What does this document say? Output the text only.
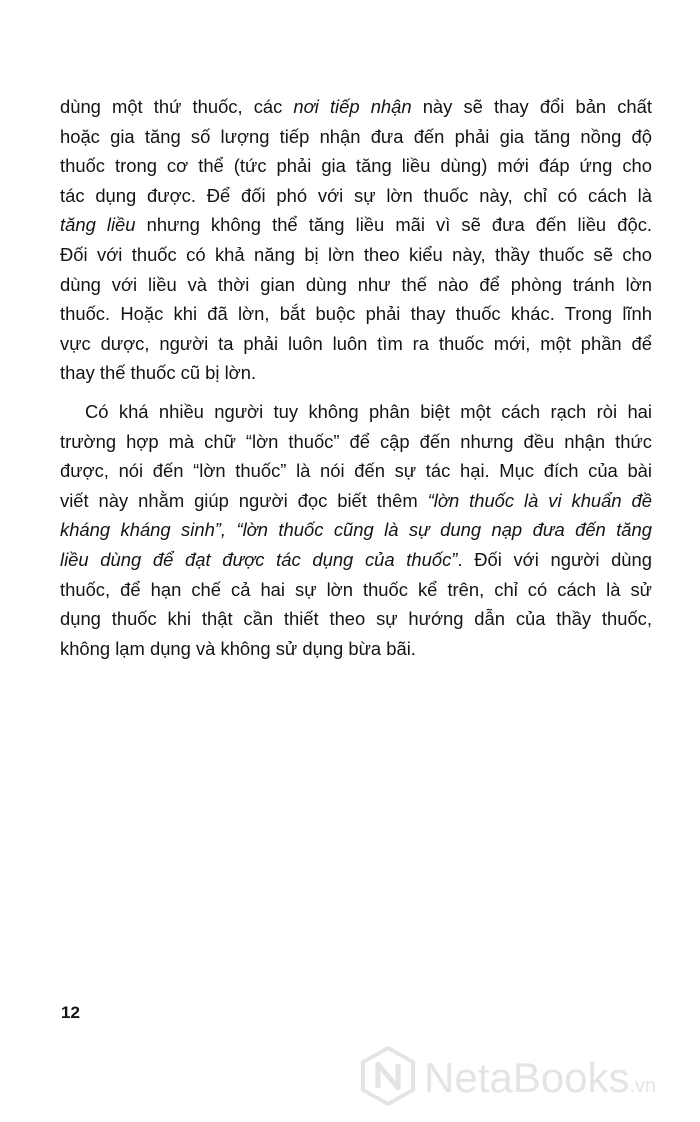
dùng một thứ thuốc, các nơi tiếp nhận này sẽ thay đổi bản chất
hoặc gia tăng số lượng tiếp nhận đưa đến phải gia tăng nồng độ
thuốc trong cơ thể (tức phải gia tăng liều dùng) mới đáp ứng cho
tác dụng được. Để đối phó với sự lờn thuốc này, chỉ có cách là
tăng liều nhưng không thể tăng liều mãi vì sẽ đưa đến liều độc.
Đối với thuốc có khả năng bị lờn theo kiểu này, thầy thuốc sẽ cho
dùng với liều và thời gian dùng như thế nào để phòng tránh lờn
thuốc. Hoặc khi đã lờn, bắt buộc phải thay thuốc khác. Trong lĩnh
vực dược, người ta phải luôn luôn tìm ra thuốc mới, một phần để
thay thế thuốc cũ bị lờn.
Có khá nhiều người tuy không phân biệt một cách rạch ròi hai
trường hợp mà chữ “lờn thuốc” để cập đến nhưng đều nhận thức
được, nói đến “lờn thuốc” là nói đến sự tác hại. Mục đích của bài
viết này nhằm giúp người đọc biết thêm “lờn thuốc là vi khuẩn đề
kháng kháng sinh”, “lờn thuốc cũng là sự dung nạp đưa đến tăng
liều dùng để đạt được tác dụng của thuốc”. Đối với người dùng
thuốc, để hạn chế cả hai sự lờn thuốc kể trên, chỉ có cách là sử
dụng thuốc khi thật cần thiết theo sự hướng dẫn của thầy thuốc,
không lạm dụng và không sử dụng bừa bãi.
12
NetaBooks.vn
